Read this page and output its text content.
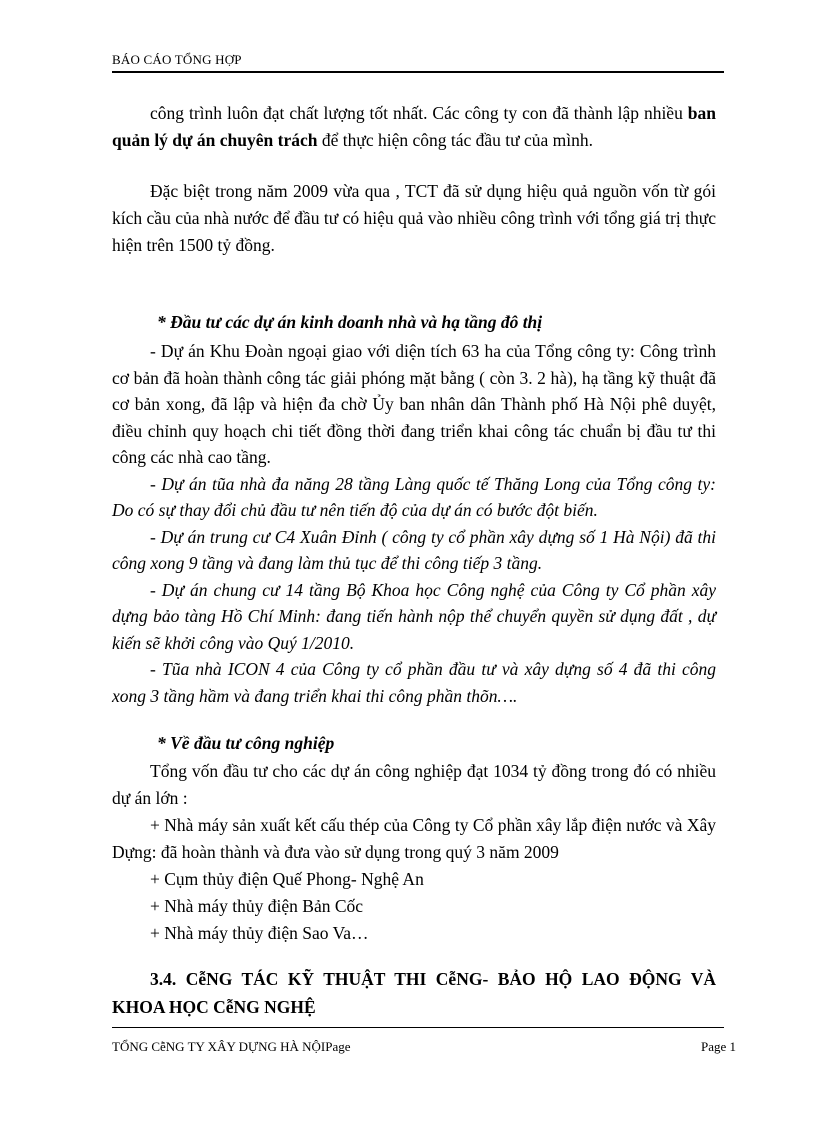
BÁO CÁO TỔNG HỢP

công trình luôn đạt chất lượng tốt nhất. Các công ty con đã thành lập nhiều ban quản lý dự án chuyên trách để thực hiện công tác đầu tư của mình.

Đặc biệt trong năm 2009 vừa qua , TCT đã sử dụng hiệu quả nguồn vốn từ gói kích cầu của nhà nước để đầu tư có hiệu quả vào nhiều công trình với tổng giá trị thực hiện trên 1500 tỷ đồng.

* Đầu tư các dự án kinh doanh nhà và hạ tầng đô thị

- Dự án Khu Đoàn ngoại giao với diện tích 63 ha của Tổng công ty: Công trình cơ bản đã hoàn thành công tác giải phóng mặt bằng ( còn 3. 2 hà), hạ tầng kỹ thuật đã cơ bản xong, đã lập và hiện đa chờ Ủy ban nhân dân Thành phố Hà Nội phê duyệt, điều chỉnh quy hoạch chi tiết đồng thời đang triển khai công tác chuẩn bị đầu tư thi công các nhà cao tầng.

- Dự án tũa nhà đa năng 28 tầng Làng quốc tế Thăng Long của Tổng công ty: Do có sự thay đổi chủ đầu tư nên tiến độ của dự án có bước đột biến.

- Dự án trung cư C4 Xuân Đỉnh ( công ty cổ phần xây dựng số 1 Hà Nội) đã thi công xong 9 tầng và đang làm thủ tục để thi công tiếp 3 tầng.

- Dự án chung cư 14 tầng Bộ Khoa học Công nghệ của Công ty Cổ phần xây dựng bảo tàng Hồ Chí Minh: đang tiến hành nộp thể chuyển quyền sử dụng đất , dự kiến sẽ khởi công vào Quý 1/2010.

- Tũa nhà ICON 4 của Công ty cổ phần đầu tư và xây dựng số 4 đã thi công xong 3 tầng hầm và đang triển khai thi công phần thõn….

* Về đầu tư công nghiệp

Tổng vốn đầu tư cho các dự án công nghiệp đạt 1034 tỷ đồng trong đó có nhiều dự án lớn :

+ Nhà máy sản xuất kết cấu thép của Công ty Cổ phần xây lắp điện nước và Xây Dựng: đã hoàn thành và đưa vào sử dụng trong quý 3 năm 2009

+ Cụm thủy điện Quế Phong- Nghệ An

+ Nhà máy thủy điện Bản Cốc

+ Nhà máy thủy điện Sao Va…

3.4. CễNG TÁC KỸ THUẬT THI CễNG- BẢO HỘ LAO ĐỘNG VÀ KHOA HỌC CễNG NGHỆ
TỔNG CễNG TY XÂY DỰNG HÀ NỘIPage	Page 1
